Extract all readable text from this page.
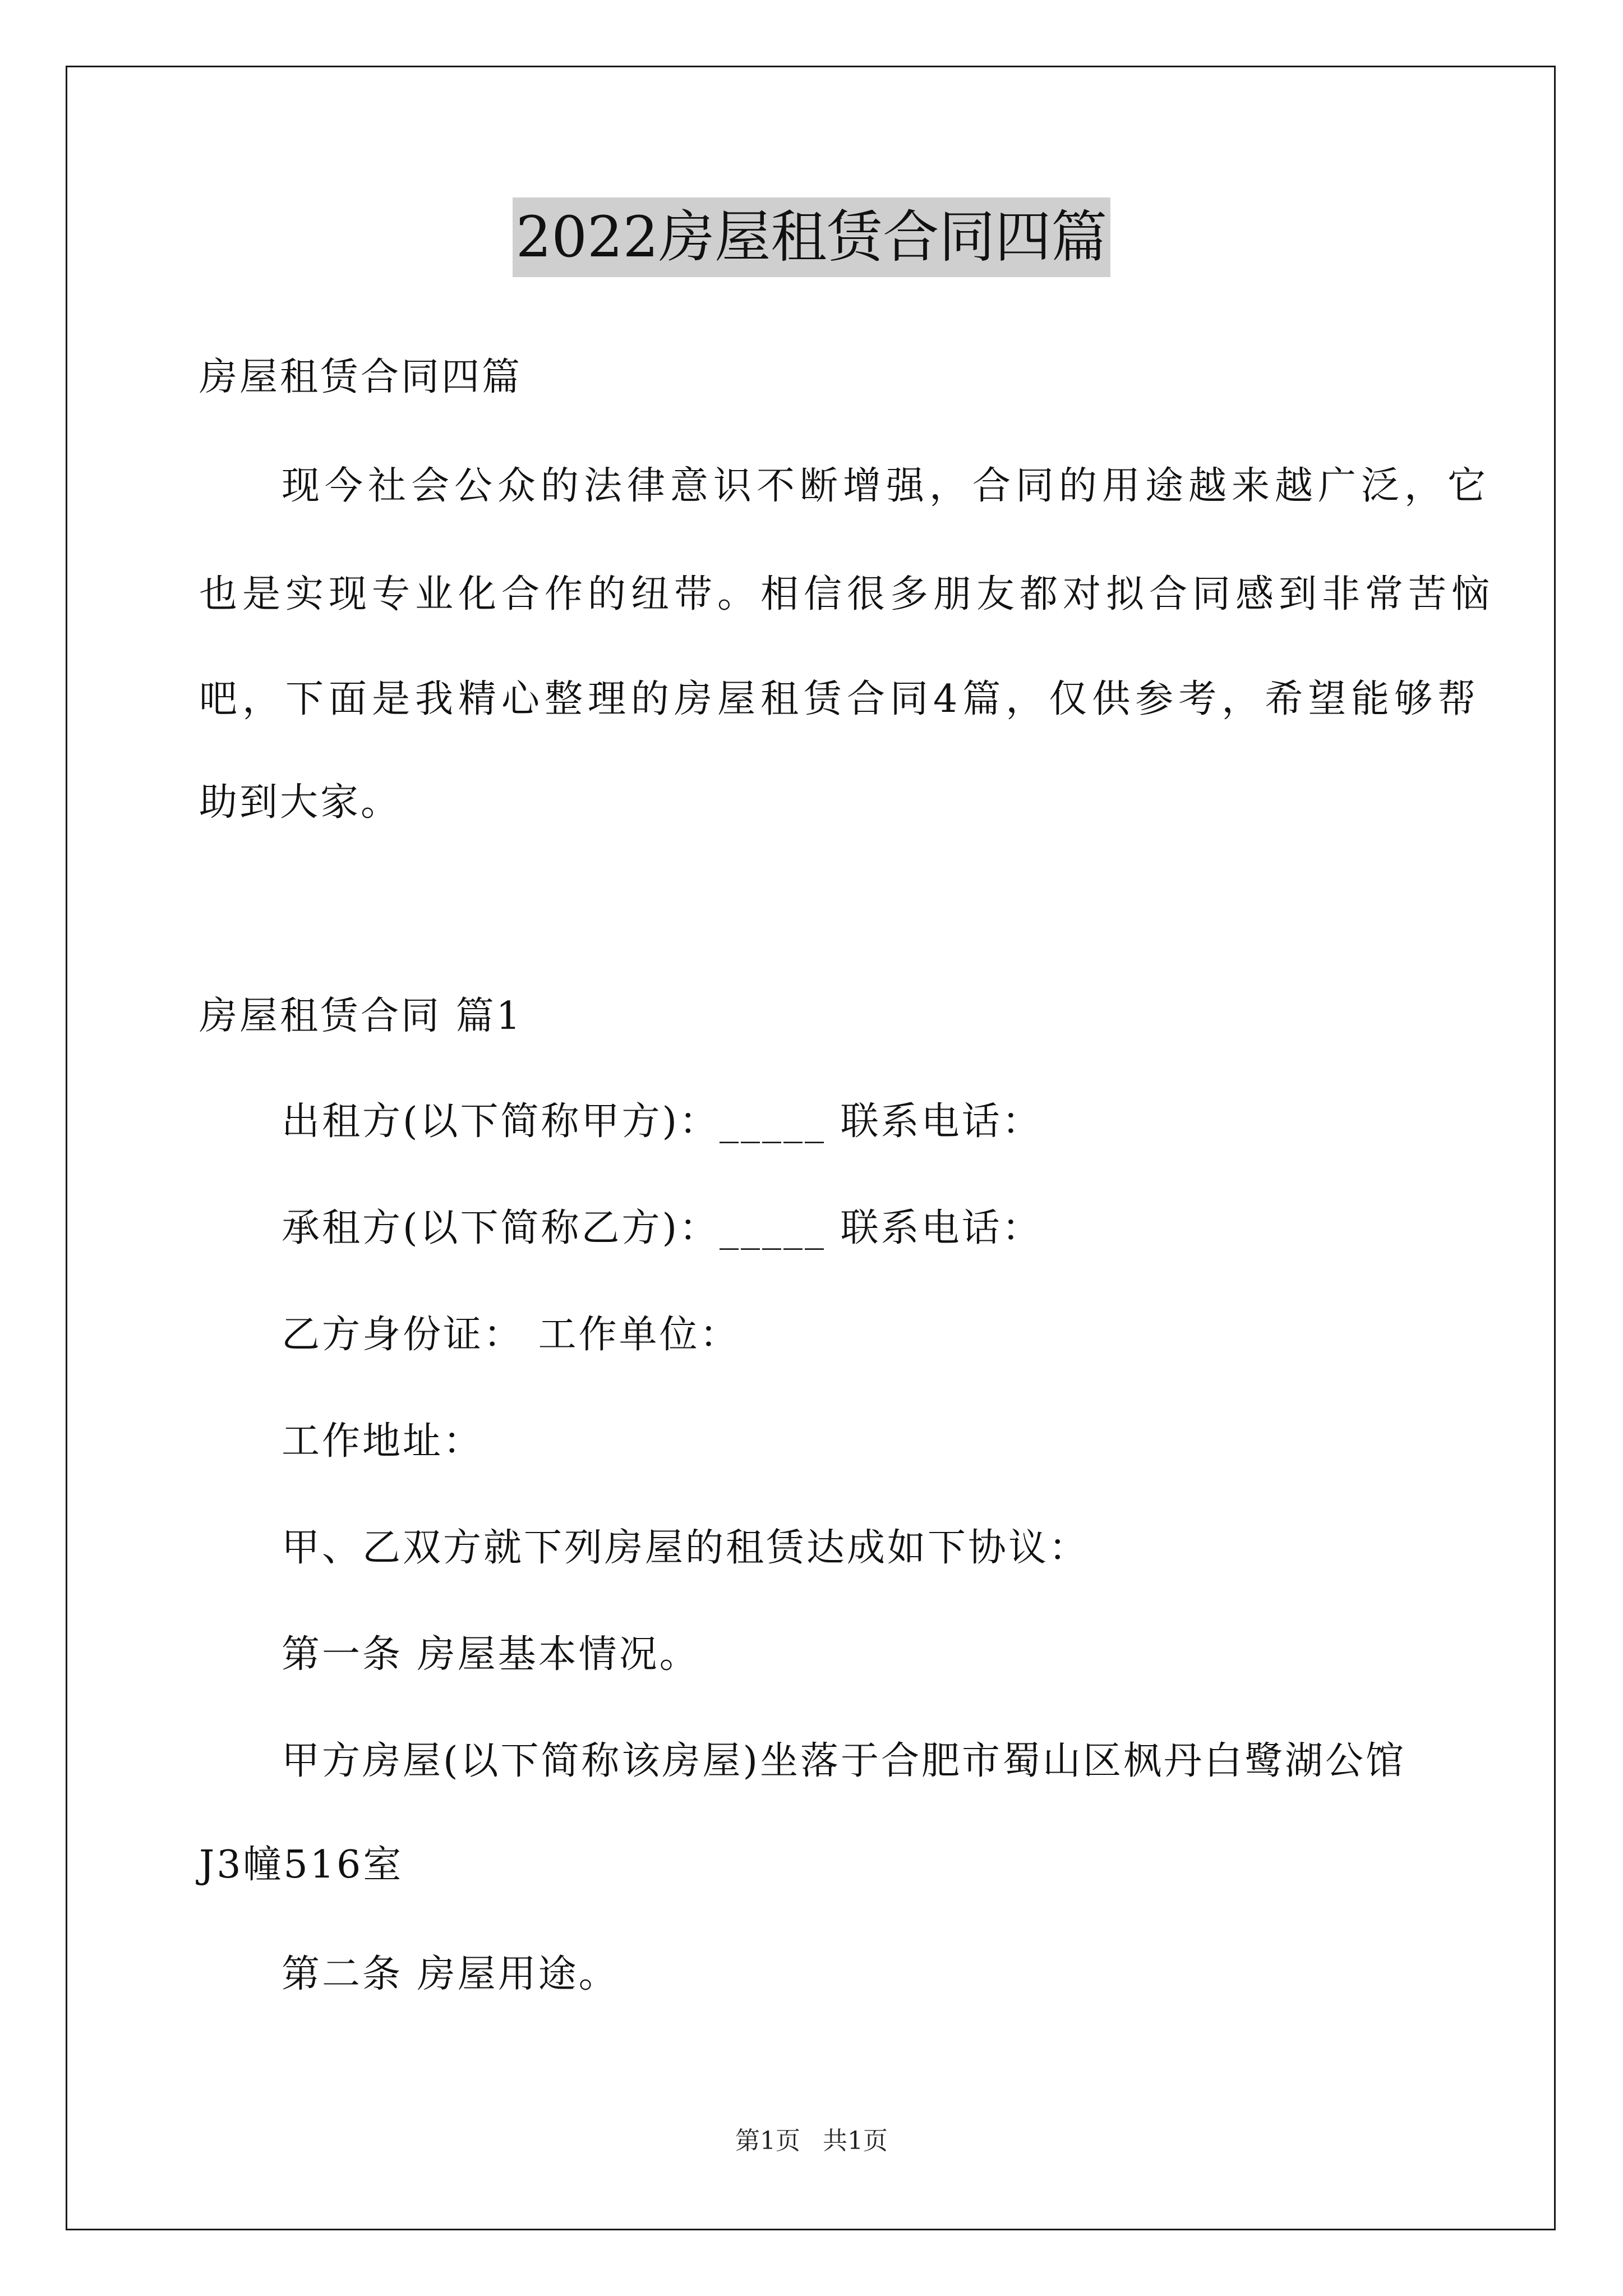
2022房屋租赁合同四篇
房屋租赁合同四篇
现今社会公众的法律意识不断增强，合同的用途越来越广泛，它
也是实现专业化合作的纽带。相信很多朋友都对拟合同感到非常苦恼
吧，下面是我精心整理的房屋租赁合同4篇，仅供参考，希望能够帮
助到大家。
房屋租赁合同 篇1
出租方(以下简称甲方)：_____ 联系电话：
承租方(以下简称乙方)：_____ 联系电话：
乙方身份证： 工作单位：
工作地址：
甲、乙双方就下列房屋的租赁达成如下协议：
第一条 房屋基本情况。
甲方房屋(以下简称该房屋)坐落于合肥市蜀山区枫丹白鹭湖公馆
J3幢516室
第二条 房屋用途。
第1页 共1页
